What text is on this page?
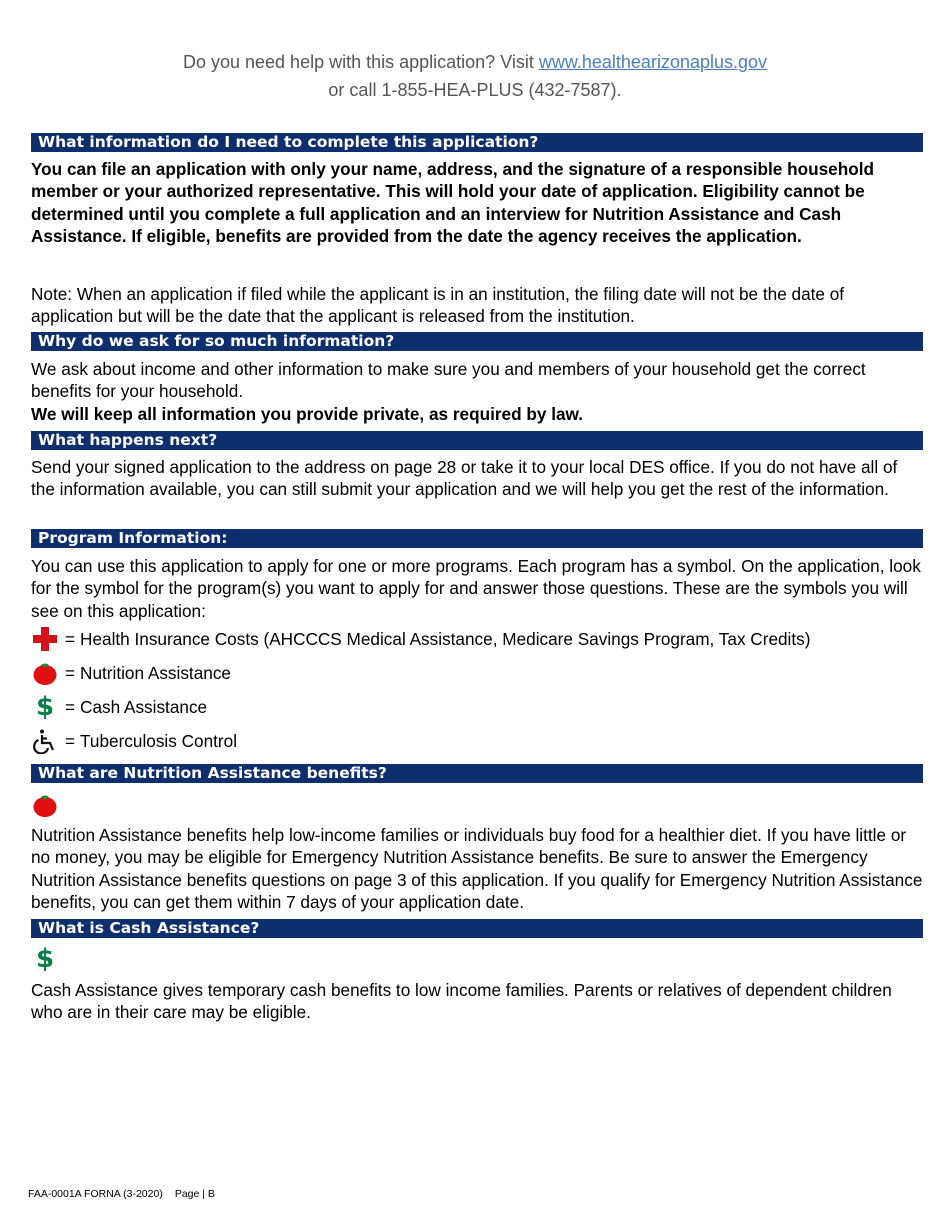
Do you need help with this application? Visit www.healthearizonaplus.gov
or call 1-855-HEA-PLUS (432-7587).
What information do I need to complete this application?
You can file an application with only your name, address, and the signature of a responsible household member or your authorized representative. This will hold your date of application. Eligibility cannot be determined until you complete a full application and an interview for Nutrition Assistance and Cash Assistance. If eligible, benefits are provided from the date the agency receives the application.
Note: When an application if filed while the applicant is in an institution, the filing date will not be the date of application but will be the date that the applicant is released from the institution.
Why do we ask for so much information?
We ask about income and other information to make sure you and members of your household get the correct benefits for your household.
We will keep all information you provide private, as required by law.
What happens next?
Send your signed application to the address on page 28 or take it to your local DES office. If you do not have all of the information available, you can still submit your application and we will help you get the rest of the information.
Program Information:
You can use this application to apply for one or more programs. Each program has a symbol. On the application, look for the symbol for the program(s) you want to apply for and answer those questions. These are the symbols you will see on this application:
= Health Insurance Costs (AHCCCS Medical Assistance, Medicare Savings Program, Tax Credits)
= Nutrition Assistance
$ = Cash Assistance
= Tuberculosis Control
What are Nutrition Assistance benefits?
Nutrition Assistance benefits help low-income families or individuals buy food for a healthier diet. If you have little or no money, you may be eligible for Emergency Nutrition Assistance benefits. Be sure to answer the Emergency Nutrition Assistance benefits questions on page 3 of this application. If you qualify for Emergency Nutrition Assistance benefits, you can get them within 7 days of your application date.
What is Cash Assistance?
$
Cash Assistance gives temporary cash benefits to low income families. Parents or relatives of dependent children who are in their care may be eligible.
FAA-0001A FORNA (3-2020) Page | B
